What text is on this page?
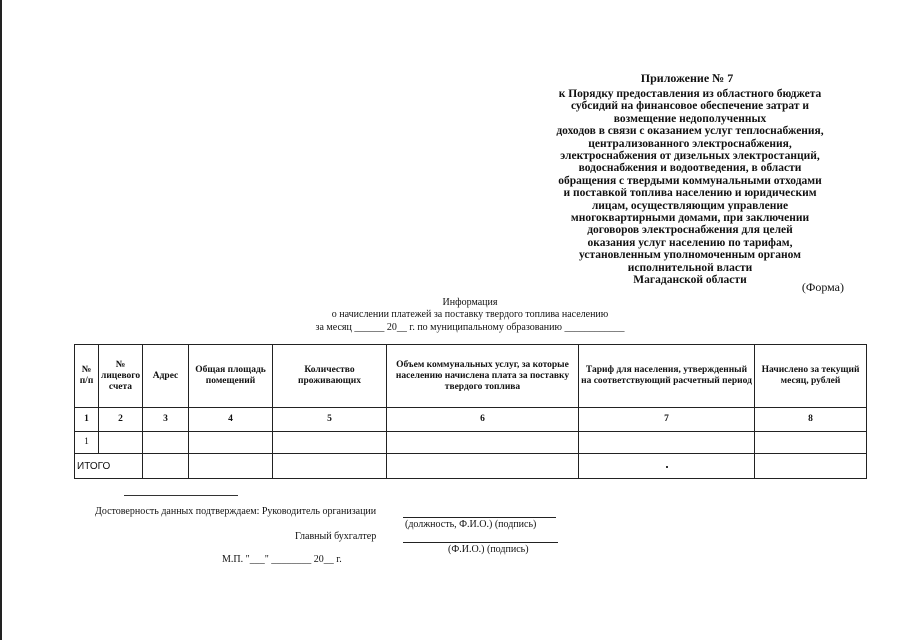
Приложение № 7
к Порядку предоставления из областного бюджета
субсидий на финансовое обеспечение затрат и
возмещение недополученных
доходов в связи с оказанием услуг теплоснабжения,
централизованного электроснабжения,
электроснабжения от дизельных электростанций,
водоснабжения и водоотведения, в области
обращения с твердыми коммунальными отходами
и поставкой топлива населению и юридическим
лицам, осуществляющим управление
многоквартирными домами, при заключении
договоров электроснабжения для целей
оказания услуг населению по тарифам,
установленным уполномоченным органом
исполнительной власти
Магаданской области	(Форма)
Информация
о начислении платежей за поставку твердого топлива населению
за месяц ______ 20__ г. по муниципальному образованию ____________
№ п/п	№ лицевого счета	Адрес	Общая площадь помещений	Количество проживающих	Объем коммунальных услуг, за которые населению начислена плата за поставку твердого топлива	Тариф для населения, утвержденный на соответствующий расчетный период	Начислено за текущий месяц, рублей
1	2	3	4	5	6	7	8
1							
ИТОГО							
Достоверность данных подтверждаем: Руководитель организации
(должность, Ф.И.О.) (подпись)
Главный бухгалтер
(Ф.И.О.) (подпись)
М.П. "___" ________ 20__ г.
